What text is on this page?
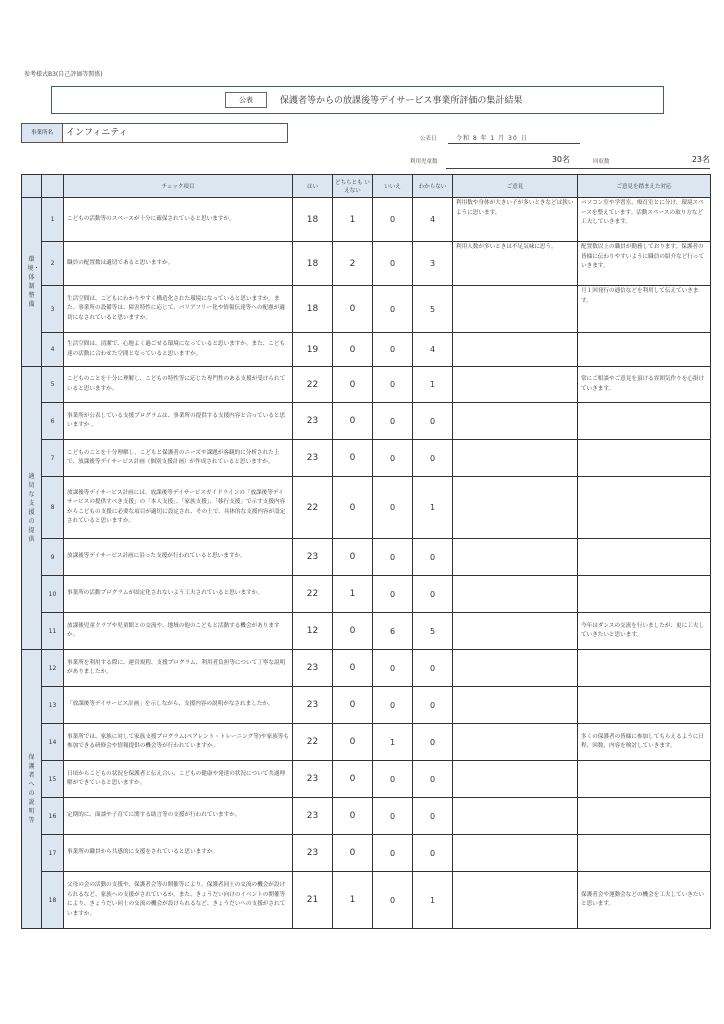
参考様式B3(自己評価等関係)
公表	保護者等からの放課後等デイサービス事業所評価の集計結果
事業所名	インフィニティ
公表日	令和 8 年 1 月 30 日
利用児童数	30名	回収数	23名
		チェック項目	はい	どちらとも いえない	いいえ	わからない	ご意見	ご意見を踏まえた対応
環境・体制整備	1	こどもの活動等のスペースが十分に確保されていると思いますか。	18	1	0	4	利用数や身体が大きい子が多いときなどは狭いように思います。	パソコン室や学習室、療育室とに分け、環境スペースを整えています。活動スペースの取り方など工夫していきます。
	2	職員の配置数は適切であると思いますか。	18	2	0	3	利用人数が多いときは不足気味に思う。	配置数以上の職員が勤務しております。保護者の皆様に伝わりやすいように職員の紹介など行っていきます。
	3	生活空間は、こどもにわかりやすく構造化された環境になっていると思いますか。また、事業所の設備等は、障害特性に応じて、バリアフリー化や情報伝達等への配慮が適切になされていると思いますか。	18	0	0	5		月１回発行の通信などを利用して伝えていきます。
	4	生活空間は、清潔で、心地よく過ごせる環境になっていると思いますか。また、こども達の活動に合わせた空間となっていると思いますか。	19	0	0	4		
適切な支援の提供	5	こどものことを十分に理解し、こどもの特性等に応じた専門性のある支援が受けられていると思いますか。	22	0	0	1		常にご相談やご意見を頂ける雰囲気作りを心掛けていきます。
	6	事業所が公表している支援プログラムは、事業所の提供する支援内容と合っていると思いますか 。	23	0	0	0		
	7	こどものことを十分理解し、こどもと保護者のニーズや課題が客観的に分析された上で、放課後等デイサービス計画（個別支援計画）が作成されていると思いますか。	23	0	0	0		
	8	放課後等デイサービス計画には、放課後等デイサービスガイドラインの「放課後等デイサービスの提供すべき支援」の「本人支援」、「家族支援」、「移行支援」で示す支援内容からこどもの支援に必要な項目が適切に設定され、その上で、具体的な支援内容が設定されていると思いますか。	22	0	0	1		
	9	放課後等デイサービス計画に沿った支援が行われていると思いますか。	23	0	0	0		
	10	事業所の活動プログラムが固定化されないよう工夫されていると思いますか。	22	1	0	0		
	11	放課後児童クラブや児童館との交流や、地域の他のこどもと活動する機会がありますか。	12	0	6	5		今年はダンスの交流を行いましたが、更に工夫していきたいと思います。
保護者への説明等	12	事業所を利用する際に、運営規程、支援プログラム、利用者負担等について丁寧な説明がありましたか。	23	0	0	0		
	13	「放課後等デイサービス計画」を示しながら、支援内容の説明がなされましたか。	23	0	0	0		
	14	事業所では、家族に対して家族支援プログラム(ペアレント・トレーニング等)や家族等も参加できる研修会や情報提供の機会等が行われていますか。	22	0	1	0		多くの保護者の皆様に参加してもらえるように日程、回数、内容を検討していきます。
	15	日頃からこどもの状況を保護者と伝え合い、こどもの健康や発達の状況について共通理解ができていると思いますか。	23	0	0	0		
	16	定期的に、面談や子育てに関する助言等の支援が行われていますか。	23	0	0	0		
	17	事業所の職員から共感的に支援をされていると思いますか。	23	0	0	0		
	18	父母の会の活動の支援や、保護者会等の開催等により、保護者同士の交流の機会が設けられるなど、家族への支援がされているか。また、きょうだい向けのイベントの開催等により、きょうだい同士の交流の機会が設けられるなど、きょうだいへの支援がされていますか。	21	1	0	1		保護者会や運動会などの機会を工夫していきたいと思います。
